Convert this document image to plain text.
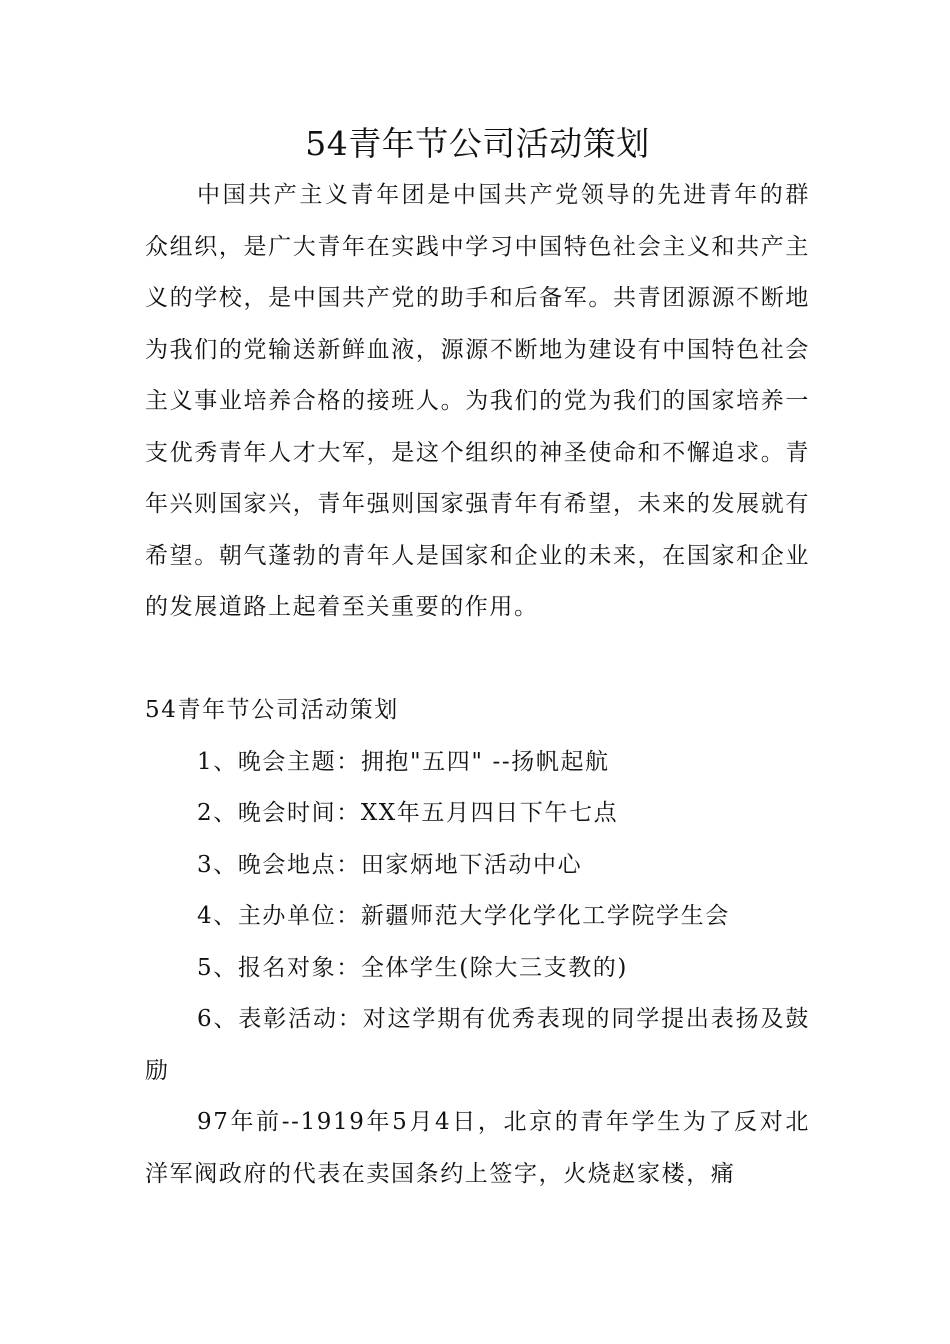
54青年节公司活动策划

中国共产主义青年团是中国共产党领导的先进青年的群众组织，是广大青年在实践中学习中国特色社会主义和共产主义的学校，是中国共产党的助手和后备军。共青团源源不断地为我们的党输送新鲜血液，源源不断地为建设有中国特色社会主义事业培养合格的接班人。为我们的党为我们的国家培养一支优秀青年人才大军，是这个组织的神圣使命和不懈追求。青年兴则国家兴，青年强则国家强青年有希望，未来的发展就有希望。朝气蓬勃的青年人是国家和企业的未来，在国家和企业的发展道路上起着至关重要的作用。

54青年节公司活动策划

1、晚会主题：拥抱"五四" --扬帆起航
2、晚会时间：XX年五月四日下午七点
3、晚会地点：田家炳地下活动中心
4、主办单位：新疆师范大学化学化工学院学生会
5、报名对象：全体学生(除大三支教的)
6、表彰活动：对这学期有优秀表现的同学提出表扬及鼓励

97年前--1919年5月4日，北京的青年学生为了反对北洋军阀政府的代表在卖国条约上签字，火烧赵家楼，痛
